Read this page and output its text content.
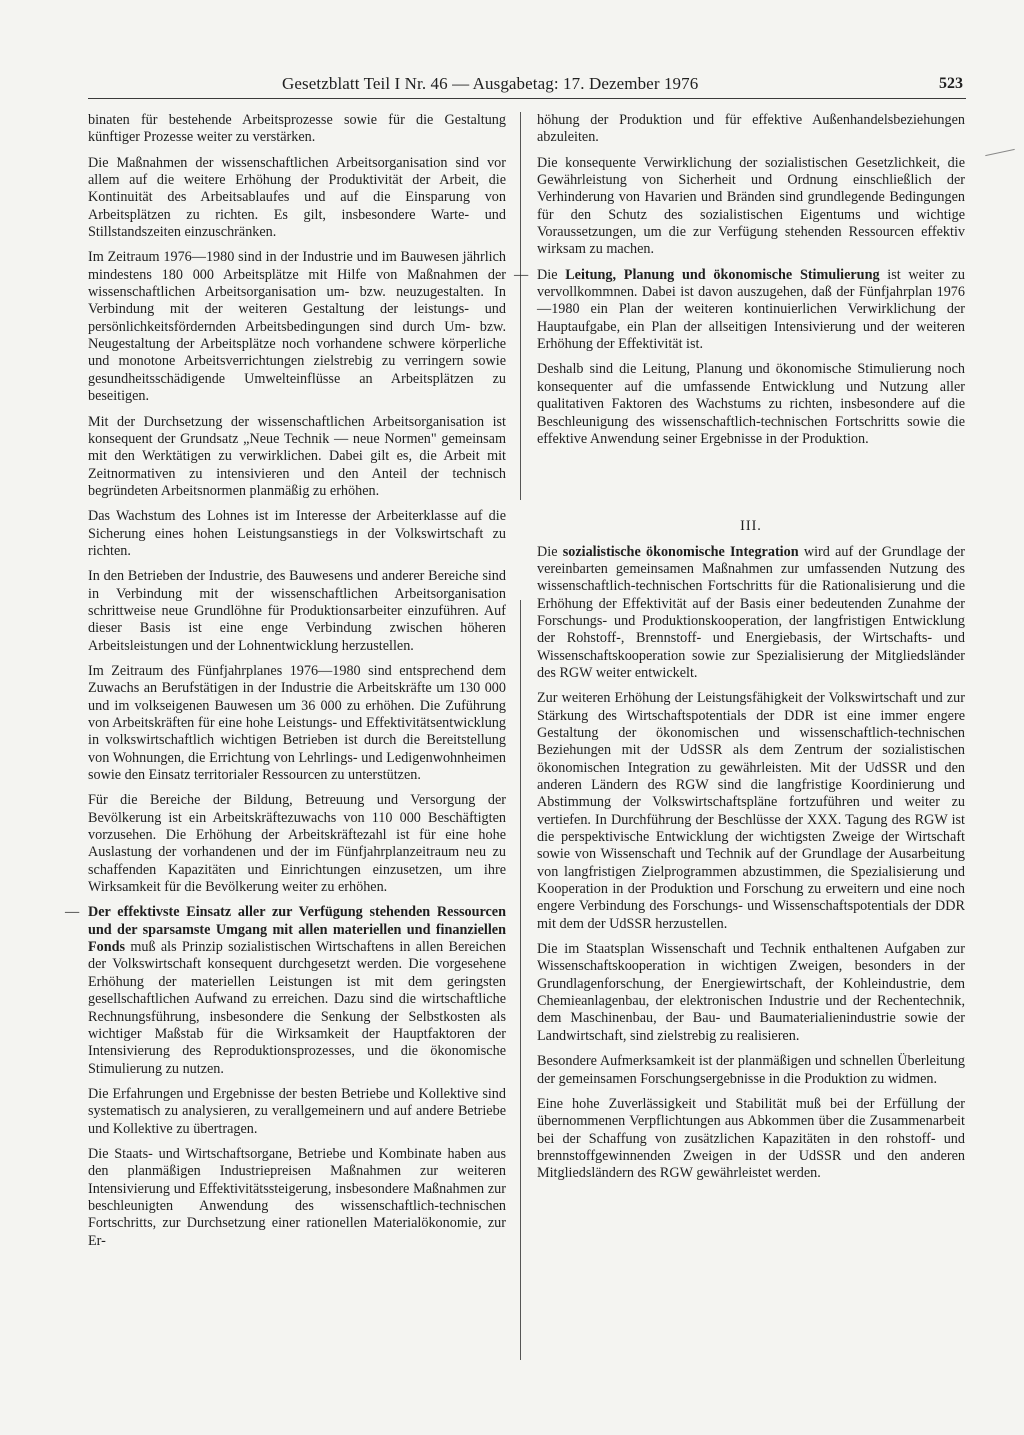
Gesetzblatt Teil I Nr. 46 — Ausgabetag: 17. Dezember 1976	523

binaten für bestehende Arbeitsprozesse sowie für die Gestaltung künftiger Prozesse weiter zu verstärken.

Die Maßnahmen der wissenschaftlichen Arbeitsorganisation sind vor allem auf die weitere Erhöhung der Produktivität der Arbeit, die Kontinuität des Arbeitsablaufes und auf die Einsparung von Arbeitsplätzen zu richten. Es gilt, insbesondere Warte- und Stillstandszeiten einzuschränken.

Im Zeitraum 1976—1980 sind in der Industrie und im Bauwesen jährlich mindestens 180 000 Arbeitsplätze mit Hilfe von Maßnahmen der wissenschaftlichen Arbeitsorganisation um- bzw. neuzugestalten. In Verbindung mit der weiteren Gestaltung der leistungs- und persönlichkeitsfördernden Arbeitsbedingungen sind durch Um- bzw. Neugestaltung der Arbeitsplätze noch vorhandene schwere körperliche und monotone Arbeitsverrichtungen zielstrebig zu verringern sowie gesundheitsschädigende Umwelteinflüsse an Arbeitsplätzen zu beseitigen.

Mit der Durchsetzung der wissenschaftlichen Arbeitsorganisation ist konsequent der Grundsatz „Neue Technik — neue Normen" gemeinsam mit den Werktätigen zu verwirklichen. Dabei gilt es, die Arbeit mit Zeitnormativen zu intensivieren und den Anteil der technisch begründeten Arbeitsnormen planmäßig zu erhöhen.

Das Wachstum des Lohnes ist im Interesse der Arbeiterklasse auf die Sicherung eines hohen Leistungsanstiegs in der Volkswirtschaft zu richten.

In den Betrieben der Industrie, des Bauwesens und anderer Bereiche sind in Verbindung mit der wissenschaftlichen Arbeitsorganisation schrittweise neue Grundlöhne für Produktionsarbeiter einzuführen. Auf dieser Basis ist eine enge Verbindung zwischen höheren Arbeitsleistungen und der Lohnentwicklung herzustellen.

Im Zeitraum des Fünfjahrplanes 1976—1980 sind entsprechend dem Zuwachs an Berufstätigen in der Industrie die Arbeitskräfte um 130 000 und im volkseigenen Bauwesen um 36 000 zu erhöhen. Die Zuführung von Arbeitskräften für eine hohe Leistungs- und Effektivitätsentwicklung in volkswirtschaftlich wichtigen Betrieben ist durch die Bereitstellung von Wohnungen, die Errichtung von Lehrlings- und Ledigenwohnheimen sowie den Einsatz territorialer Ressourcen zu unterstützen.

Für die Bereiche der Bildung, Betreuung und Versorgung der Bevölkerung ist ein Arbeitskräftezuwachs von 110 000 Beschäftigten vorzusehen. Die Erhöhung der Arbeitskräftezahl ist für eine hohe Auslastung der vorhandenen und der im Fünfjahrplanzeitraum neu zu schaffenden Kapazitäten und Einrichtungen einzusetzen, um ihre Wirksamkeit für die Bevölkerung weiter zu erhöhen.

— Der effektivste Einsatz aller zur Verfügung stehenden Ressourcen und der sparsamste Umgang mit allen materiellen und finanziellen Fonds muß als Prinzip sozialistischen Wirtschaftens in allen Bereichen der Volkswirtschaft konsequent durchgesetzt werden. Die vorgesehene Erhöhung der materiellen Leistungen ist mit dem geringsten gesellschaftlichen Aufwand zu erreichen. Dazu sind die wirtschaftliche Rechnungsführung, insbesondere die Senkung der Selbstkosten als wichtiger Maßstab für die Wirksamkeit der Hauptfaktoren der Intensivierung des Reproduktionsprozesses, und die ökonomische Stimulierung zu nutzen.

Die Erfahrungen und Ergebnisse der besten Betriebe und Kollektive sind systematisch zu analysieren, zu verallgemeinern und auf andere Betriebe und Kollektive zu übertragen.

Die Staats- und Wirtschaftsorgane, Betriebe und Kombinate haben aus den planmäßigen Industriepreisen Maßnahmen zur weiteren Intensivierung und Effektivitätssteigerung, insbesondere Maßnahmen zur beschleunigten Anwendung des wissenschaftlich-technischen Fortschritts, zur Durchsetzung einer rationellen Materialökonomie, zur Er-

höhung der Produktion und für effektive Außenhandelsbeziehungen abzuleiten.

Die konsequente Verwirklichung der sozialistischen Gesetzlichkeit, die Gewährleistung von Sicherheit und Ordnung einschließlich der Verhinderung von Havarien und Bränden sind grundlegende Bedingungen für den Schutz des sozialistischen Eigentums und wichtige Voraussetzungen, um die zur Verfügung stehenden Ressourcen effektiv wirksam zu machen.

— Die Leitung, Planung und ökonomische Stimulierung ist weiter zu vervollkommnen. Dabei ist davon auszugehen, daß der Fünfjahrplan 1976—1980 ein Plan der weiteren kontinuierlichen Verwirklichung der Hauptaufgabe, ein Plan der allseitigen Intensivierung und der weiteren Erhöhung der Effektivität ist.

Deshalb sind die Leitung, Planung und ökonomische Stimulierung noch konsequenter auf die umfassende Entwicklung und Nutzung aller qualitativen Faktoren des Wachstums zu richten, insbesondere auf die Beschleunigung des wissenschaftlich-technischen Fortschritts sowie die effektive Anwendung seiner Ergebnisse in der Produktion.

III.

Die sozialistische ökonomische Integration wird auf der Grundlage der vereinbarten gemeinsamen Maßnahmen zur umfassenden Nutzung des wissenschaftlich-technischen Fortschritts für die Rationalisierung und die Erhöhung der Effektivität auf der Basis einer bedeutenden Zunahme der Forschungs- und Produktionskooperation, der langfristigen Entwicklung der Rohstoff-, Brennstoff- und Energiebasis, der Wirtschafts- und Wissenschaftskooperation sowie zur Spezialisierung der Mitgliedsländer des RGW weiter entwickelt.

Zur weiteren Erhöhung der Leistungsfähigkeit der Volkswirtschaft und zur Stärkung des Wirtschaftspotentials der DDR ist eine immer engere Gestaltung der ökonomischen und wissenschaftlich-technischen Beziehungen mit der UdSSR als dem Zentrum der sozialistischen ökonomischen Integration zu gewährleisten. Mit der UdSSR und den anderen Ländern des RGW sind die langfristige Koordinierung und Abstimmung der Volkswirtschaftspläne fortzuführen und weiter zu vertiefen. In Durchführung der Beschlüsse der XXX. Tagung des RGW ist die perspektivische Entwicklung der wichtigsten Zweige der Wirtschaft sowie von Wissenschaft und Technik auf der Grundlage der Ausarbeitung von langfristigen Zielprogrammen abzustimmen, die Spezialisierung und Kooperation in der Produktion und Forschung zu erweitern und eine noch engere Verbindung des Forschungs- und Wissenschaftspotentials der DDR mit dem der UdSSR herzustellen.

Die im Staatsplan Wissenschaft und Technik enthaltenen Aufgaben zur Wissenschaftskooperation in wichtigen Zweigen, besonders in der Grundlagenforschung, der Energiewirtschaft, der Kohleindustrie, dem Chemieanlagenbau, der elektronischen Industrie und der Rechentechnik, dem Maschinenbau, der Bau- und Baumaterialienindustrie sowie der Landwirtschaft, sind zielstrebig zu realisieren.

Besondere Aufmerksamkeit ist der planmäßigen und schnellen Überleitung der gemeinsamen Forschungsergebnisse in die Produktion zu widmen.

Eine hohe Zuverlässigkeit und Stabilität muß bei der Erfüllung der übernommenen Verpflichtungen aus Abkommen über die Zusammenarbeit bei der Schaffung von zusätzlichen Kapazitäten in den rohstoff- und brennstoffgewinnenden Zweigen in der UdSSR und den anderen Mitgliedsländern des RGW gewährleistet werden.
